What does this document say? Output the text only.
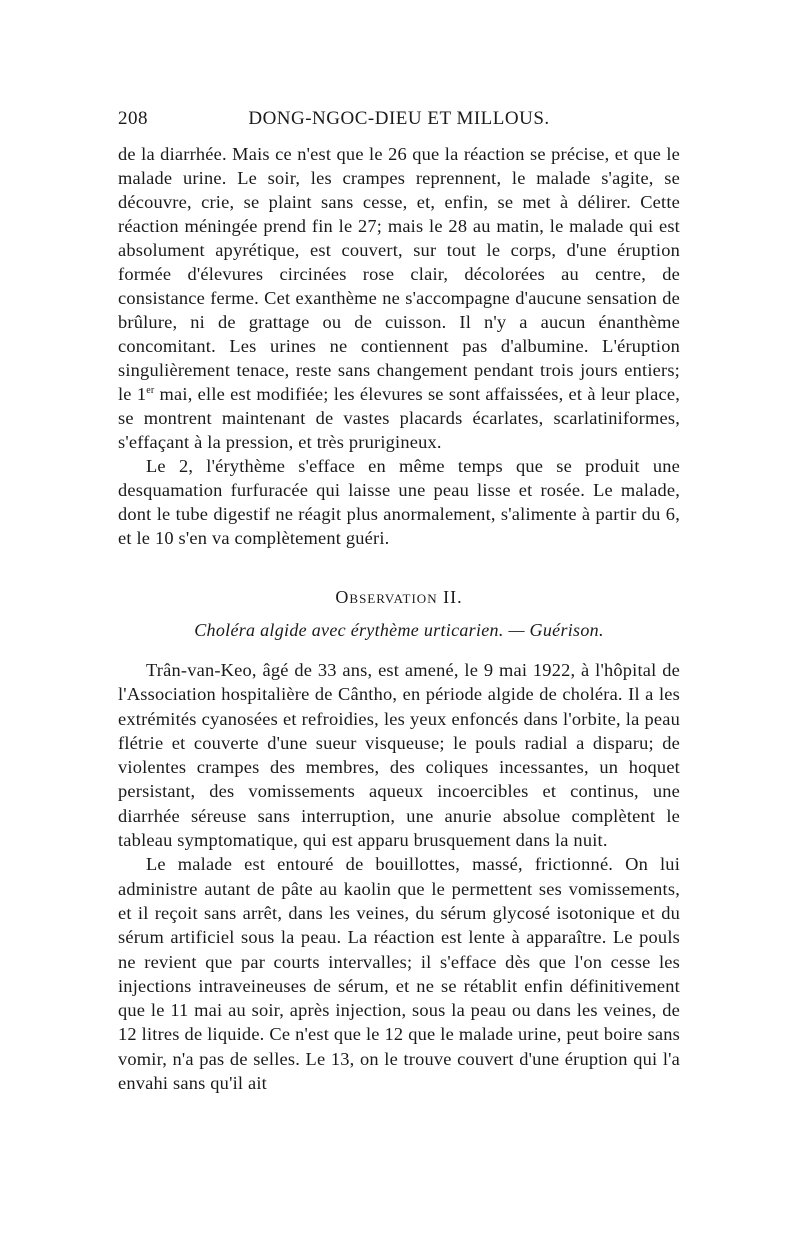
208	DONG-NGOC-DIEU ET MILLOUS.

de la diarrhée. Mais ce n'est que le 26 que la réaction se précise, et que le malade urine. Le soir, les crampes reprennent, le malade s'agite, se découvre, crie, se plaint sans cesse, et, enfin, se met à délirer. Cette réaction méningée prend fin le 27; mais le 28 au matin, le malade qui est absolument apyrétique, est couvert, sur tout le corps, d'une éruption formée d'élevures circinées rose clair, décolorées au centre, de consistance ferme. Cet exanthème ne s'accompagne d'aucune sensation de brûlure, ni de grattage ou de cuisson. Il n'y a aucun énanthème concomitant. Les urines ne contiennent pas d'albumine. L'éruption singulièrement tenace, reste sans changement pendant trois jours entiers; le 1er mai, elle est modifiée; les élevures se sont affaissées, et à leur place, se montrent maintenant de vastes placards écarlates, scarlatiniformes, s'effaçant à la pression, et très prurigineux.

Le 2, l'érythème s'efface en même temps que se produit une desquamation furfuracée qui laisse une peau lisse et rosée. Le malade, dont le tube digestif ne réagit plus anormalement, s'alimente à partir du 6, et le 10 s'en va complètement guéri.

Observation II.
Choléra algide avec érythème urticarien. — Guérison.

Trân-van-Keo, âgé de 33 ans, est amené, le 9 mai 1922, à l'hôpital de l'Association hospitalière de Cântho, en période algide de choléra. Il a les extrémités cyanosées et refroidies, les yeux enfoncés dans l'orbite, la peau flétrie et couverte d'une sueur visqueuse; le pouls radial a disparu; de violentes crampes des membres, des coliques incessantes, un hoquet persistant, des vomissements aqueux incoercibles et continus, une diarrhée séreuse sans interruption, une anurie absolue complètent le tableau symptomatique, qui est apparu brusquement dans la nuit.

Le malade est entouré de bouillottes, massé, frictionné. On lui administre autant de pâte au kaolin que le permettent ses vomissements, et il reçoit sans arrêt, dans les veines, du sérum glycosé isotonique et du sérum artificiel sous la peau. La réaction est lente à apparaître. Le pouls ne revient que par courts intervalles; il s'efface dès que l'on cesse les injections intraveineuses de sérum, et ne se rétablit enfin définitivement que le 11 mai au soir, après injection, sous la peau ou dans les veines, de 12 litres de liquide. Ce n'est que le 12 que le malade urine, peut boire sans vomir, n'a pas de selles. Le 13, on le trouve couvert d'une éruption qui l'a envahi sans qu'il ait
